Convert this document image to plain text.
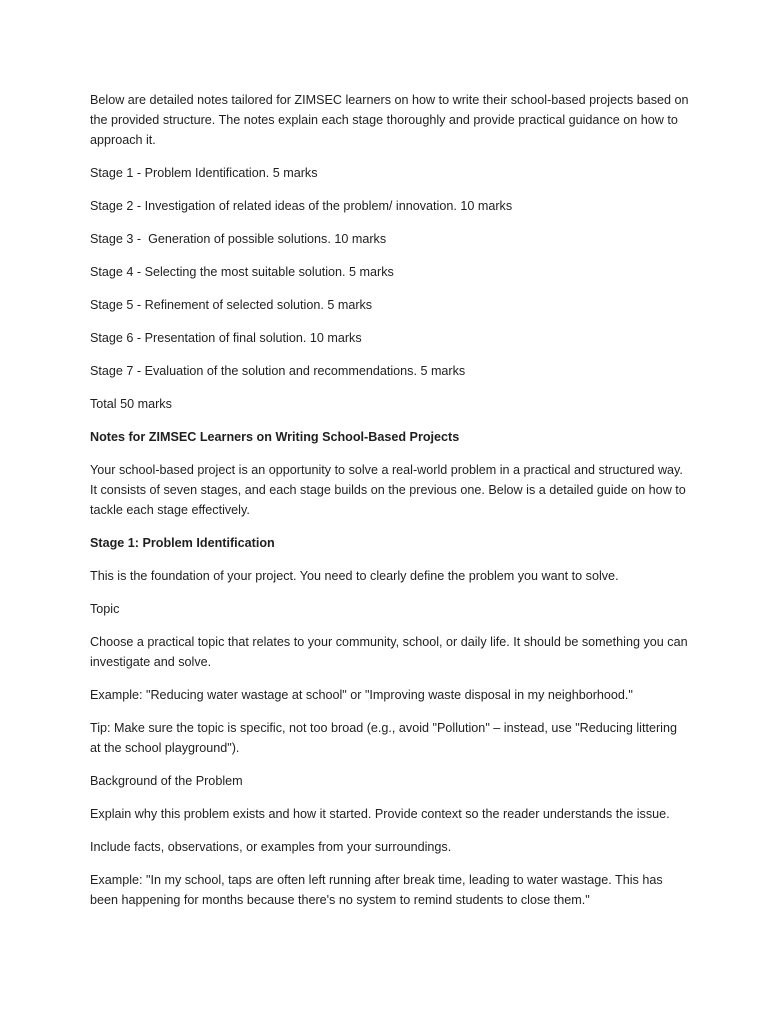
Below are detailed notes tailored for ZIMSEC learners on how to write their school-based projects based on the provided structure. The notes explain each stage thoroughly and provide practical guidance on how to approach it.

Stage 1 - Problem Identification. 5 marks

Stage 2 - Investigation of related ideas of the problem/ innovation. 10 marks

Stage 3 -  Generation of possible solutions. 10 marks

Stage 4 - Selecting the most suitable solution. 5 marks

Stage 5 - Refinement of selected solution. 5 marks

Stage 6 - Presentation of final solution. 10 marks

Stage 7 - Evaluation of the solution and recommendations. 5 marks

Total 50 marks

Notes for ZIMSEC Learners on Writing School-Based Projects

Your school-based project is an opportunity to solve a real-world problem in a practical and structured way. It consists of seven stages, and each stage builds on the previous one. Below is a detailed guide on how to tackle each stage effectively.

Stage 1: Problem Identification

This is the foundation of your project. You need to clearly define the problem you want to solve.

Topic

Choose a practical topic that relates to your community, school, or daily life. It should be something you can investigate and solve.

Example: "Reducing water wastage at school" or "Improving waste disposal in my neighborhood."

Tip: Make sure the topic is specific, not too broad (e.g., avoid "Pollution" – instead, use "Reducing littering at the school playground").

Background of the Problem

Explain why this problem exists and how it started. Provide context so the reader understands the issue.

Include facts, observations, or examples from your surroundings.

Example: "In my school, taps are often left running after break time, leading to water wastage. This has been happening for months because there's no system to remind students to close them."
